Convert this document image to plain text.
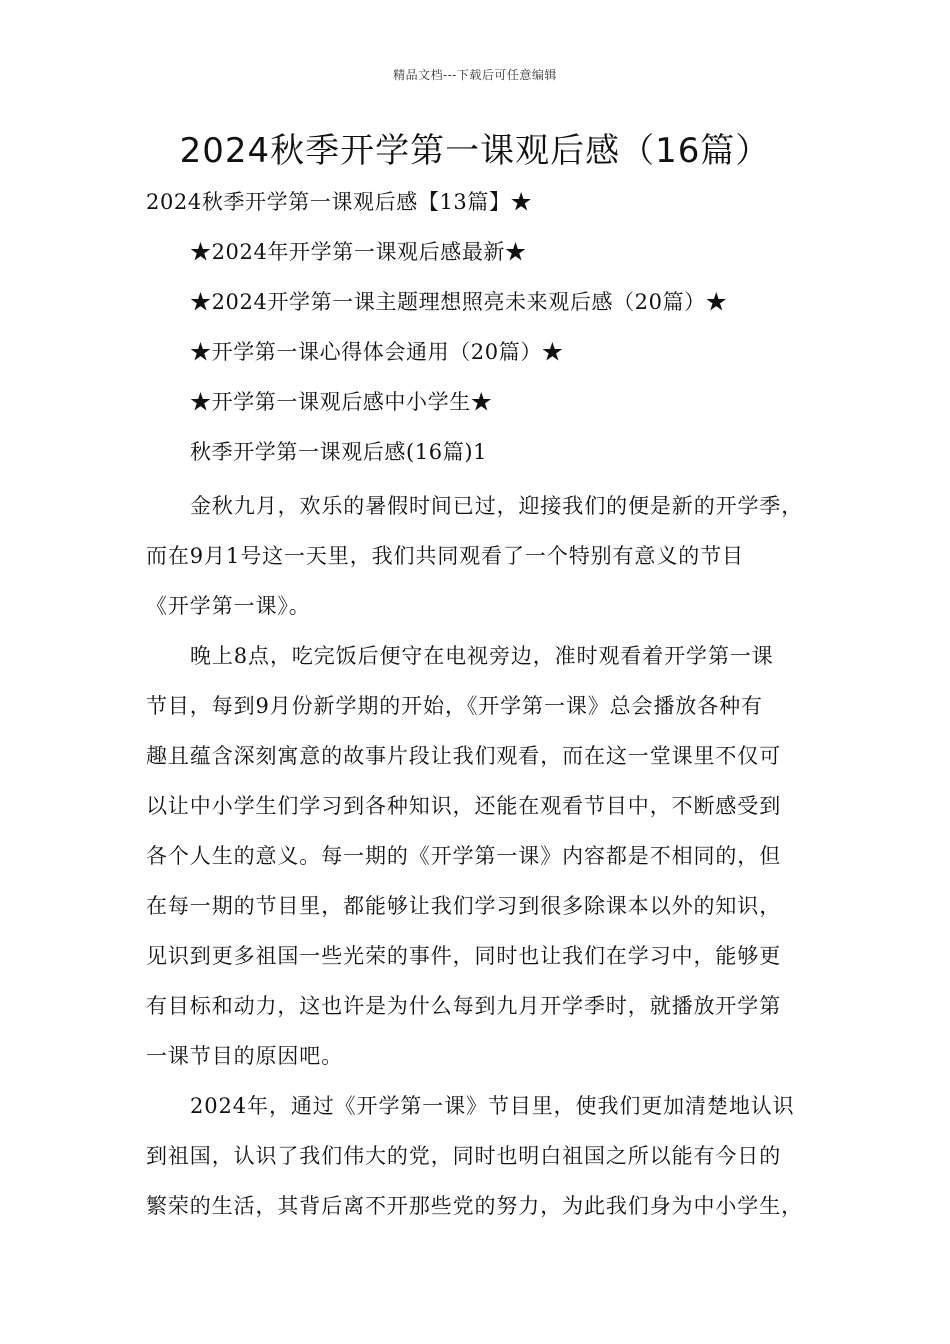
精品文档---下载后可任意编辑
2024秋季开学第一课观后感（16篇）
2024秋季开学第一课观后感【13篇】★
★2024年开学第一课观后感最新★
★2024开学第一课主题理想照亮未来观后感（20篇）★
★开学第一课心得体会通用（20篇）★
★开学第一课观后感中小学生★
秋季开学第一课观后感(16篇)1
金秋九月，欢乐的暑假时间已过，迎接我们的便是新的开学季，
而在9月1号这一天里，我们共同观看了一个特别有意义的节目
《开学第一课》。
晚上8点，吃完饭后便守在电视旁边，准时观看着开学第一课
节目，每到9月份新学期的开始，《开学第一课》总会播放各种有
趣且蕴含深刻寓意的故事片段让我们观看，而在这一堂课里不仅可
以让中小学生们学习到各种知识，还能在观看节目中，不断感受到
各个人生的意义。每一期的《开学第一课》内容都是不相同的，但
在每一期的节目里，都能够让我们学习到很多除课本以外的知识，
见识到更多祖国一些光荣的事件，同时也让我们在学习中，能够更
有目标和动力，这也许是为什么每到九月开学季时，就播放开学第
一课节目的原因吧。
2024年，通过《开学第一课》节目里，使我们更加清楚地认识
到祖国，认识了我们伟大的党，同时也明白祖国之所以能有今日的
繁荣的生活，其背后离不开那些党的努力，为此我们身为中小学生，
